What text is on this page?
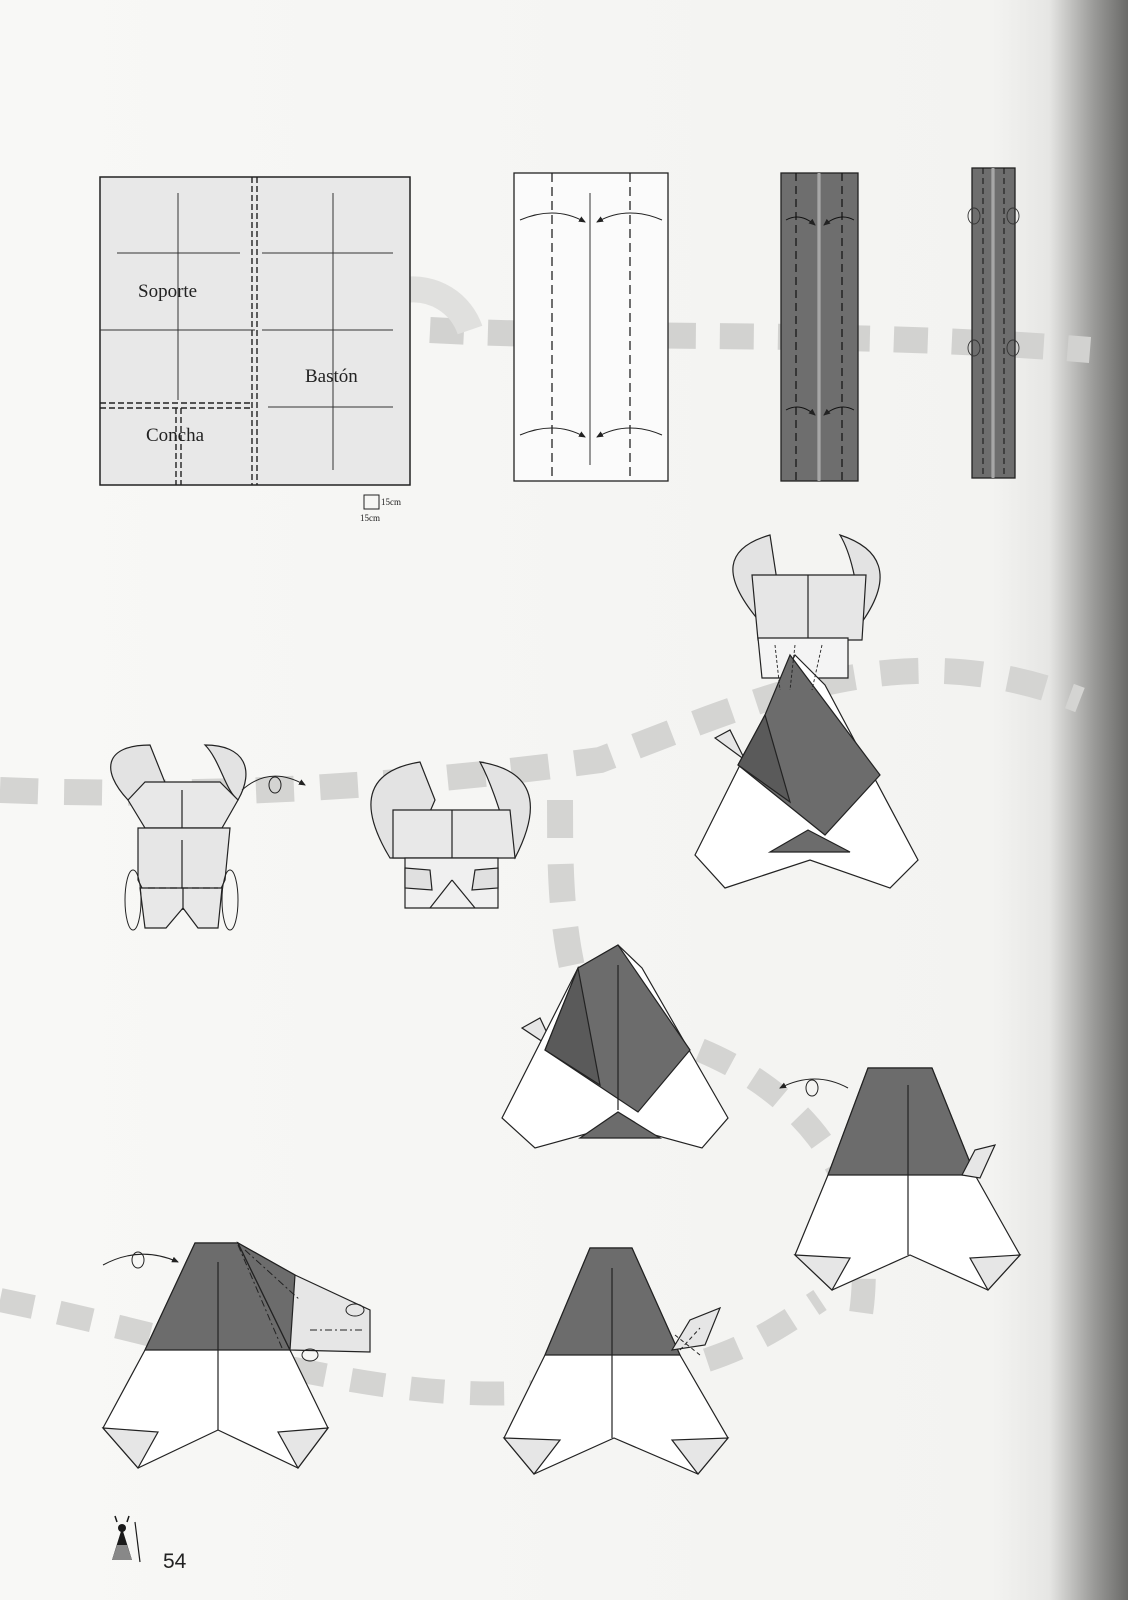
Soporte
Bastón
Concha
15cm
15cm
54
